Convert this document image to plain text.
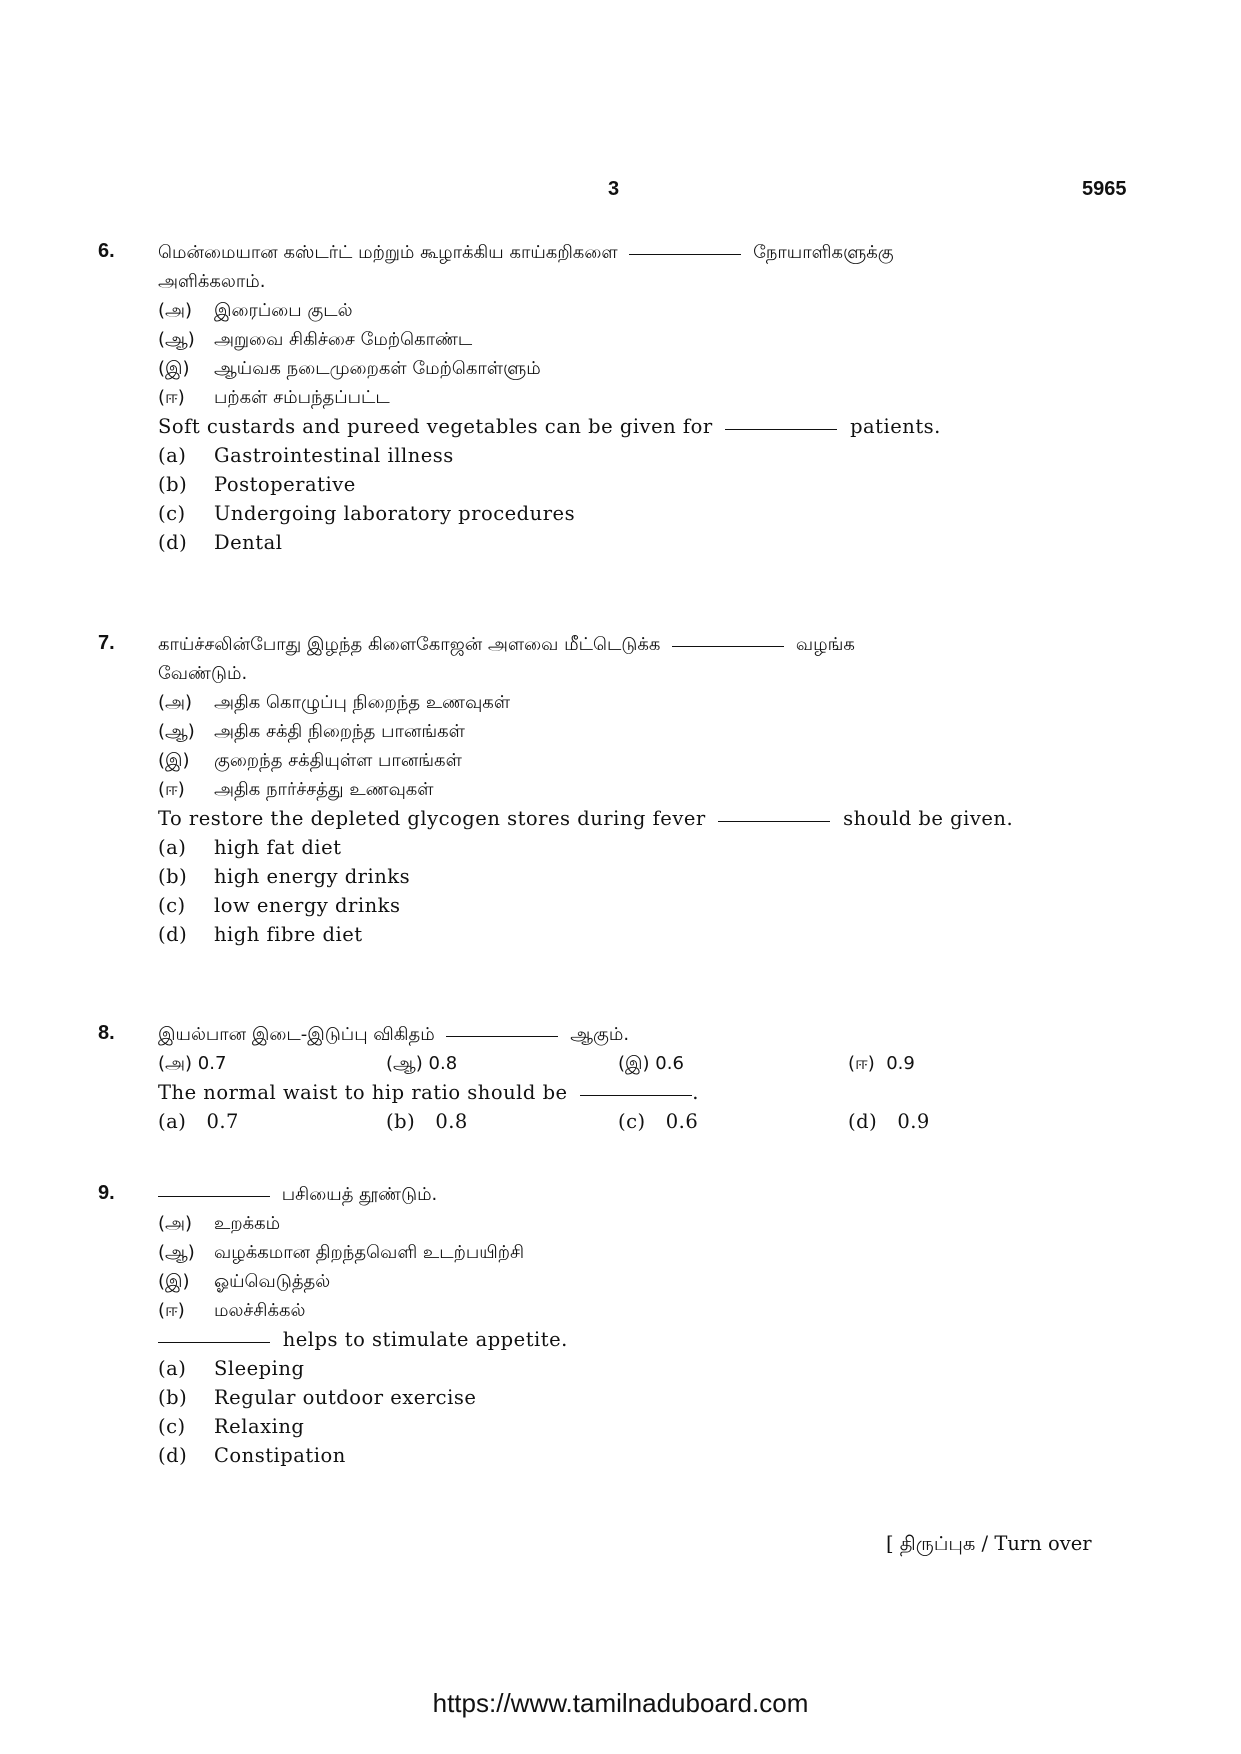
3	5965
6. மென்மையான கஸ்டர்ட் மற்றும் கூழாக்கிய காய்கறிகளை	நோயாளிகளுக்கு
அளிக்கலாம்.
(அ) இரைப்பை குடல்
(ஆ) அறுவை சிகிச்சை மேற்கொண்ட
(இ) ஆய்வக நடைமுறைகள் மேற்கொள்ளும்
(ஈ) பற்கள் சம்பந்தப்பட்ட
Soft custards and pureed vegetables can be given for	patients.
(a) Gastrointestinal illness
(b) Postoperative
(c) Undergoing laboratory procedures
(d) Dental
7. காய்ச்சலின்போது இழந்த கிளைகோஜன் அளவை மீட்டெடுக்க	வழங்க
வேண்டும்.
(அ) அதிக கொழுப்பு நிறைந்த உணவுகள்
(ஆ) அதிக சக்தி நிறைந்த பானங்கள்
(இ) குறைந்த சக்தியுள்ள பானங்கள்
(ஈ) அதிக நார்ச்சத்து உணவுகள்
To restore the depleted glycogen stores during fever	should be given.
(a) high fat diet
(b) high energy drinks
(c) low energy drinks
(d) high fibre diet
8. இயல்பான இடை-இடுப்பு விகிதம்	ஆகும்.
(அ) 0.7	(ஆ) 0.8	(இ) 0.6	(ஈ) 0.9
The normal waist to hip ratio should be	.
(a) 0.7	(b) 0.8	(c) 0.6	(d) 0.9
9.	பசியைத் தூண்டும்.
(அ) உறக்கம்
(ஆ) வழக்கமான திறந்தவெளி உடற்பயிற்சி
(இ) ஓய்வெடுத்தல்
(ஈ) மலச்சிக்கல்
helps to stimulate appetite.
(a) Sleeping
(b) Regular outdoor exercise
(c) Relaxing
(d) Constipation
[ திருப்புக / Turn over
https://www.tamilnaduboard.com
